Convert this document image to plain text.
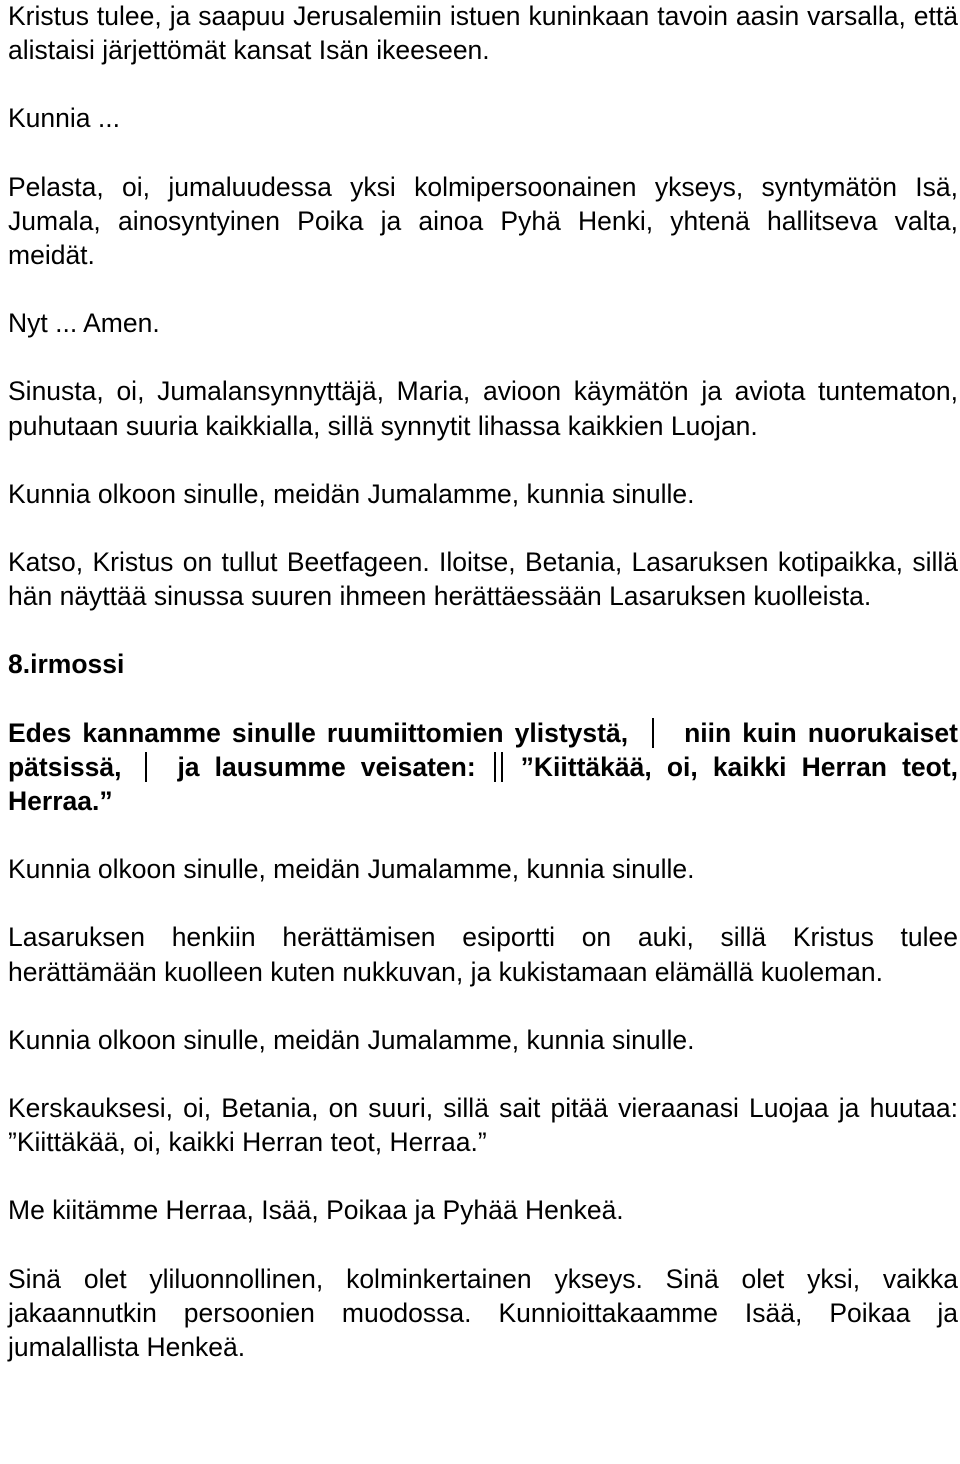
Kristus tulee, ja saapuu Jerusalemiin istuen kuninkaan tavoin aasin varsalla, että alistaisi järjettömät kansat Isän ikeeseen.

Kunnia ...

Pelasta, oi, jumaluudessa yksi kolmipersoonainen ykseys, syntymätön Isä, Jumala, ainosyntyinen Poika ja ainoa Pyhä Henki, yhtenä hallitseva valta, meidät.

Nyt ... Amen.

Sinusta, oi, Jumalansynnyttäjä, Maria, avioon käymätön ja aviota tuntematon, puhutaan suuria kaikkialla, sillä synnytit lihassa kaikkien Luojan.

Kunnia olkoon sinulle, meidän Jumalamme, kunnia sinulle.

Katso, Kristus on tullut Beetfageen. Iloitse, Betania, Lasaruksen kotipaikka, sillä hän näyttää sinussa suuren ihmeen herättäessään Lasaruksen kuolleista.

8.irmossi

Edes kannamme sinulle ruumiittomien ylistystä, niin kuin nuorukaiset pätsissä, ja lausumme veisaten: ”Kiittäkää, oi, kaikki Herran teot, Herraa.”

Kunnia olkoon sinulle, meidän Jumalamme, kunnia sinulle.

Lasaruksen henkiin herättämisen esiportti on auki, sillä Kristus tulee herättämään kuolleen kuten nukkuvan, ja kukistamaan elämällä kuoleman.

Kunnia olkoon sinulle, meidän Jumalamme, kunnia sinulle.

Kerskauksesi, oi, Betania, on suuri, sillä sait pitää vieraanasi Luojaa ja huutaa: ”Kiittäkää, oi, kaikki Herran teot, Herraa.”

Me kiitämme Herraa, Isää, Poikaa ja Pyhää Henkeä.

Sinä olet yliluonnollinen, kolminkertainen ykseys. Sinä olet yksi, vaikka jakaannutkin persoonien muodossa. Kunnioittakaamme Isää, Poikaa ja jumalallista Henkeä.
